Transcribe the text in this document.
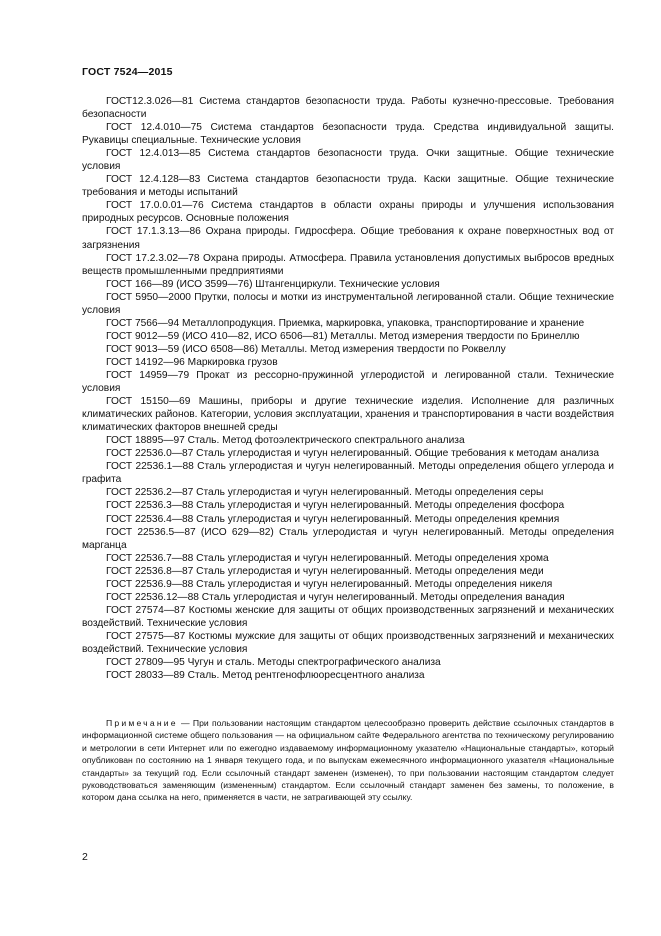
ГОСТ 7524—2015
ГОСТ12.3.026—81 Система стандартов безопасности труда. Работы кузнечно-прессовые. Требования безопасности
ГОСТ 12.4.010—75 Система стандартов безопасности труда. Средства индивидуальной защиты. Рукавицы специальные. Технические условия
ГОСТ 12.4.013—85 Система стандартов безопасности труда. Очки защитные. Общие технические условия
ГОСТ 12.4.128—83 Система стандартов безопасности труда. Каски защитные. Общие технические требования и методы испытаний
ГОСТ 17.0.0.01—76 Система стандартов в области охраны природы и улучшения использования природных ресурсов. Основные положения
ГОСТ 17.1.3.13—86 Охрана природы. Гидросфера. Общие требования к охране поверхностных вод от загрязнения
ГОСТ 17.2.3.02—78 Охрана природы. Атмосфера. Правила установления допустимых выбросов вредных веществ промышленными предприятиями
ГОСТ 166—89 (ИСО 3599—76) Штангенциркули. Технические условия
ГОСТ 5950—2000 Прутки, полосы и мотки из инструментальной легированной стали. Общие технические условия
ГОСТ 7566—94 Металлопродукция. Приемка, маркировка, упаковка, транспортирование и хранение
ГОСТ 9012—59 (ИСО 410—82, ИСО 6506—81) Металлы. Метод измерения твердости по Бринеллю
ГОСТ 9013—59 (ИСО 6508—86) Металлы. Метод измерения твердости по Роквеллу
ГОСТ 14192—96 Маркировка грузов
ГОСТ 14959—79 Прокат из рессорно-пружинной углеродистой и легированной стали. Технические условия
ГОСТ 15150—69 Машины, приборы и другие технические изделия. Исполнение для различных климатических районов. Категории, условия эксплуатации, хранения и транспортирования в части воздействия климатических факторов внешней среды
ГОСТ 18895—97 Сталь. Метод фотоэлектрического спектрального анализа
ГОСТ 22536.0—87 Сталь углеродистая и чугун нелегированный. Общие требования к методам анализа
ГОСТ 22536.1—88 Сталь углеродистая и чугун нелегированный. Методы определения общего углерода и графита
ГОСТ 22536.2—87 Сталь углеродистая и чугун нелегированный. Методы определения серы
ГОСТ 22536.3—88 Сталь углеродистая и чугун нелегированный. Методы определения фосфора
ГОСТ 22536.4—88 Сталь углеродистая и чугун нелегированный. Методы определения кремния
ГОСТ 22536.5—87 (ИСО 629—82) Сталь углеродистая и чугун нелегированный. Методы определения марганца
ГОСТ 22536.7—88 Сталь углеродистая и чугун нелегированный. Методы определения хрома
ГОСТ 22536.8—87 Сталь углеродистая и чугун нелегированный. Методы определения меди
ГОСТ 22536.9—88 Сталь углеродистая и чугун нелегированный. Методы определения никеля
ГОСТ 22536.12—88 Сталь углеродистая и чугун нелегированный. Методы определения ванадия
ГОСТ 27574—87 Костюмы женские для защиты от общих производственных загрязнений и механических воздействий. Технические условия
ГОСТ 27575—87 Костюмы мужские для защиты от общих производственных загрязнений и механических воздействий. Технические условия
ГОСТ 27809—95 Чугун и сталь. Методы спектрографического анализа
ГОСТ 28033—89 Сталь. Метод рентгенофлюоресцентного анализа
Примечание — При пользовании настоящим стандартом целесообразно проверить действие ссылочных стандартов в информационной системе общего пользования — на официальном сайте Федерального агентства по техническому регулированию и метрологии в сети Интернет или по ежегодно издаваемому информационному указателю «Национальные стандарты», который опубликован по состоянию на 1 января текущего года, и по выпускам ежемесячного информационного указателя «Национальные стандарты» за текущий год. Если ссылочный стандарт заменен (изменен), то при пользовании настоящим стандартом следует руководствоваться заменяющим (измененным) стандартом. Если ссылочный стандарт заменен без замены, то положение, в котором дана ссылка на него, применяется в части, не затрагивающей эту ссылку.
2
